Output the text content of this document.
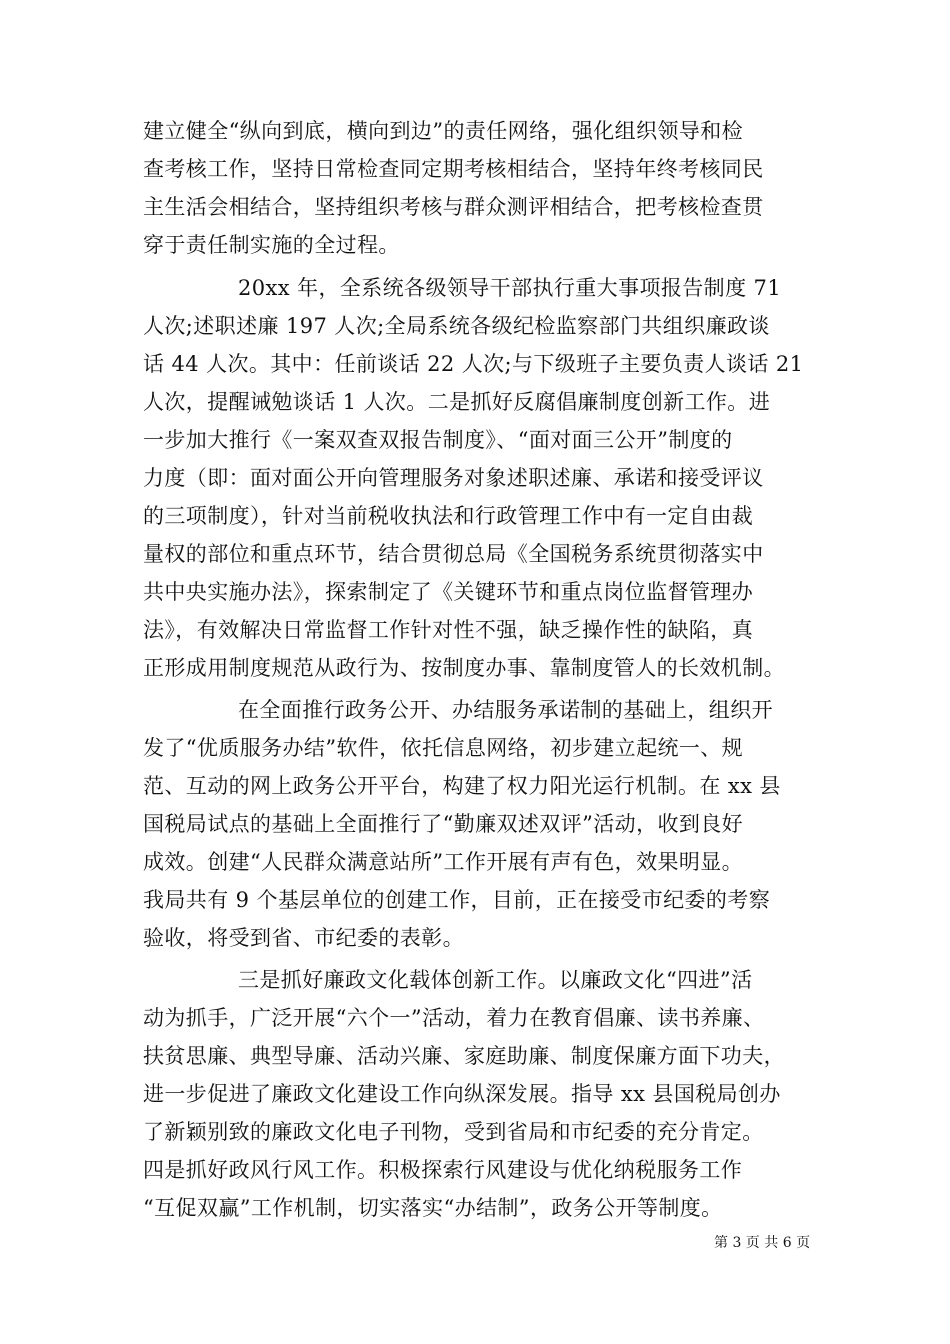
建立健全“纵向到底，横向到边”的责任网络，强化组织领导和检
查考核工作，坚持日常检查同定期考核相结合，坚持年终考核同民
主生活会相结合，坚持组织考核与群众测评相结合，把考核检查贯
穿于责任制实施的全过程。
20xx 年，全系统各级领导干部执行重大事项报告制度 71
人次;述职述廉 197 人次;全局系统各级纪检监察部门共组织廉政谈
话 44 人次。其中：任前谈话 22 人次;与下级班子主要负责人谈话 21
人次，提醒诫勉谈话 1 人次。二是抓好反腐倡廉制度创新工作。进
一步加大推行《一案双查双报告制度》、“面对面三公开”制度的
力度（即：面对面公开向管理服务对象述职述廉、承诺和接受评议
的三项制度），针对当前税收执法和行政管理工作中有一定自由裁
量权的部位和重点环节，结合贯彻总局《全国税务系统贯彻落实中
共中央实施办法》，探索制定了《关键环节和重点岗位监督管理办
法》，有效解决日常监督工作针对性不强，缺乏操作性的缺陷，真
正形成用制度规范从政行为、按制度办事、靠制度管人的长效机制。
在全面推行政务公开、办结服务承诺制的基础上，组织开
发了“优质服务办结”软件，依托信息网络，初步建立起统一、规
范、互动的网上政务公开平台，构建了权力阳光运行机制。在 xx 县
国税局试点的基础上全面推行了“勤廉双述双评”活动，收到良好
成效。创建“人民群众满意站所”工作开展有声有色，效果明显。
我局共有 9 个基层单位的创建工作，目前，正在接受市纪委的考察
验收，将受到省、市纪委的表彰。
三是抓好廉政文化载体创新工作。以廉政文化“四进”活
动为抓手，广泛开展“六个一”活动，着力在教育倡廉、读书养廉、
扶贫思廉、典型导廉、活动兴廉、家庭助廉、制度保廉方面下功夫，
进一步促进了廉政文化建设工作向纵深发展。指导 xx 县国税局创办
了新颖别致的廉政文化电子刊物，受到省局和市纪委的充分肯定。
四是抓好政风行风工作。积极探索行风建设与优化纳税服务工作
“互促双赢”工作机制，切实落实“办结制”，政务公开等制度。
第 3 页 共 6 页
